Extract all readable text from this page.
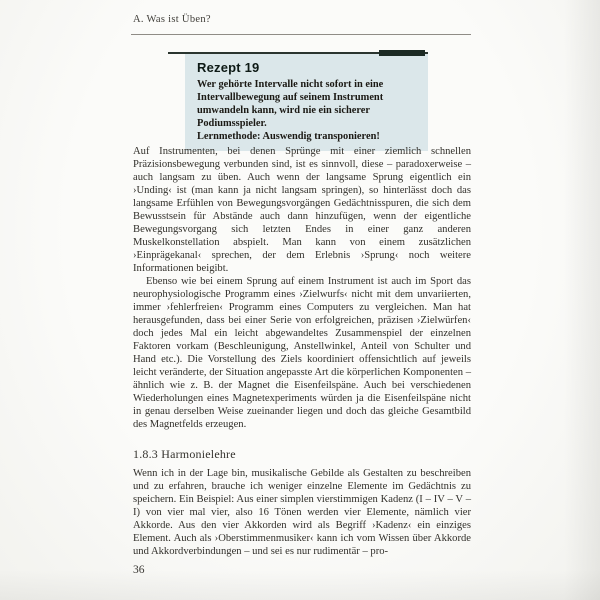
A. Was ist Üben?
Rezept 19
Wer gehörte Intervalle nicht sofort in eine Intervallbewegung auf seinem Instrument umwandeln kann, wird nie ein sicherer Podiumsspieler.
Lernmethode: Auswendig transponieren!

Auf Instrumenten, bei denen Sprünge mit einer ziemlich schnellen Präzisionsbewegung verbunden sind, ist es sinnvoll, diese – paradoxerweise – auch langsam zu üben. Auch wenn der langsame Sprung eigentlich ein ›Unding‹ ist (man kann ja nicht langsam springen), so hinterlässt doch das langsame Erfühlen von Bewegungsvorgängen Gedächtnisspuren, die sich dem Bewusstsein für Abstände auch dann hinzufügen, wenn der eigentliche Bewegungsvorgang sich letzten Endes in einer ganz anderen Muskelkonstellation abspielt. Man kann von einem zusätzlichen ›Einprägekanal‹ sprechen, der dem Erlebnis ›Sprung‹ noch weitere Informationen beigibt.

Ebenso wie bei einem Sprung auf einem Instrument ist auch im Sport das neurophysiologische Programm eines ›Zielwurfs‹ nicht mit dem unvariierten, immer ›fehlerfreien‹ Programm eines Computers zu vergleichen. Man hat herausgefunden, dass bei einer Serie von erfolgreichen, präzisen ›Zielwürfen‹ doch jedes Mal ein leicht abgewandeltes Zusammenspiel der einzelnen Faktoren vorkam (Beschleunigung, Anstellwinkel, Anteil von Schulter und Hand etc.). Die Vorstellung des Ziels koordiniert offensichtlich auf jeweils leicht veränderte, der Situation angepasste Art die körperlichen Komponenten – ähnlich wie z. B. der Magnet die Eisenfeilspäne. Auch bei verschiedenen Wiederholungen eines Magnetexperiments würden ja die Eisenfeilspäne nicht in genau derselben Weise zueinander liegen und doch das gleiche Gesamtbild des Magnetfelds erzeugen.

1.8.3 Harmonielehre

Wenn ich in der Lage bin, musikalische Gebilde als Gestalten zu beschreiben und zu erfahren, brauche ich weniger einzelne Elemente im Gedächtnis zu speichern. Ein Beispiel: Aus einer simplen vierstimmigen Kadenz (I – IV – V – I) von vier mal vier, also 16 Tönen werden vier Elemente, nämlich vier Akkorde. Aus den vier Akkorden wird als Begriff ›Kadenz‹ ein einziges Element. Auch als ›Oberstimmenmusiker‹ kann ich vom Wissen über Akkorde und Akkordverbindungen – und sei es nur rudimentär – pro-

36
